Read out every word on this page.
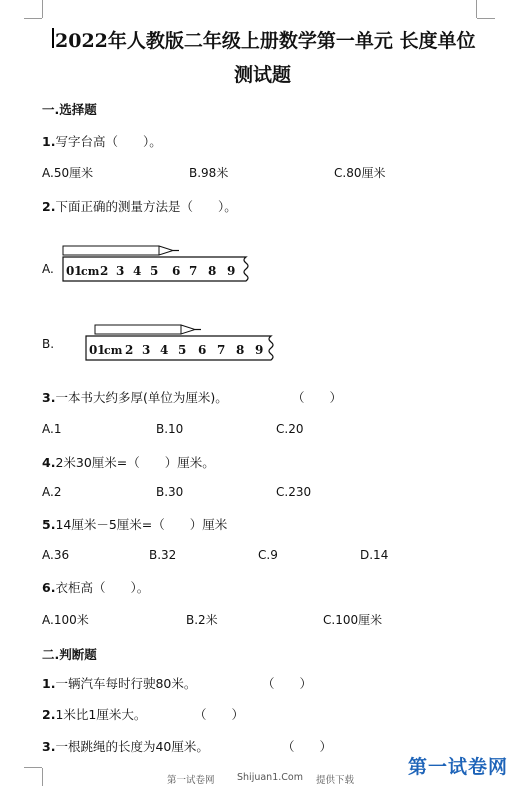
2022年人教版二年级上册数学第一单元 长度单位
测试题
一.选择题
1.写字台高（　　）。
A.50厘米	B.98米	C.80厘米
2.下面正确的测量方法是（　　）。
A. 0 1
cm 2 3 4 5 6 7 8 9
B.	0 1
cm 2 3 4 5 6 7 8 9
3.一本书大约多厚(单位为厘米)。	（　　）
A.1	B.10	C.20
4.2米30厘米=（　　）厘米。
A.2	B.30	C.230
5.14厘米－5厘米=（　　）厘米
A.36	B.32	C.9	D.14
6.衣柜高（　　）。
A.100米	B.2米	C.100厘米
二.判断题
1.一辆汽车每时行驶80米。	（　　）
2.1米比1厘米大。	（　　）
3.一根跳绳的长度为40厘米。	（　　）
第一试卷网 Shijuan1.Com 提供下载
第一试卷网
